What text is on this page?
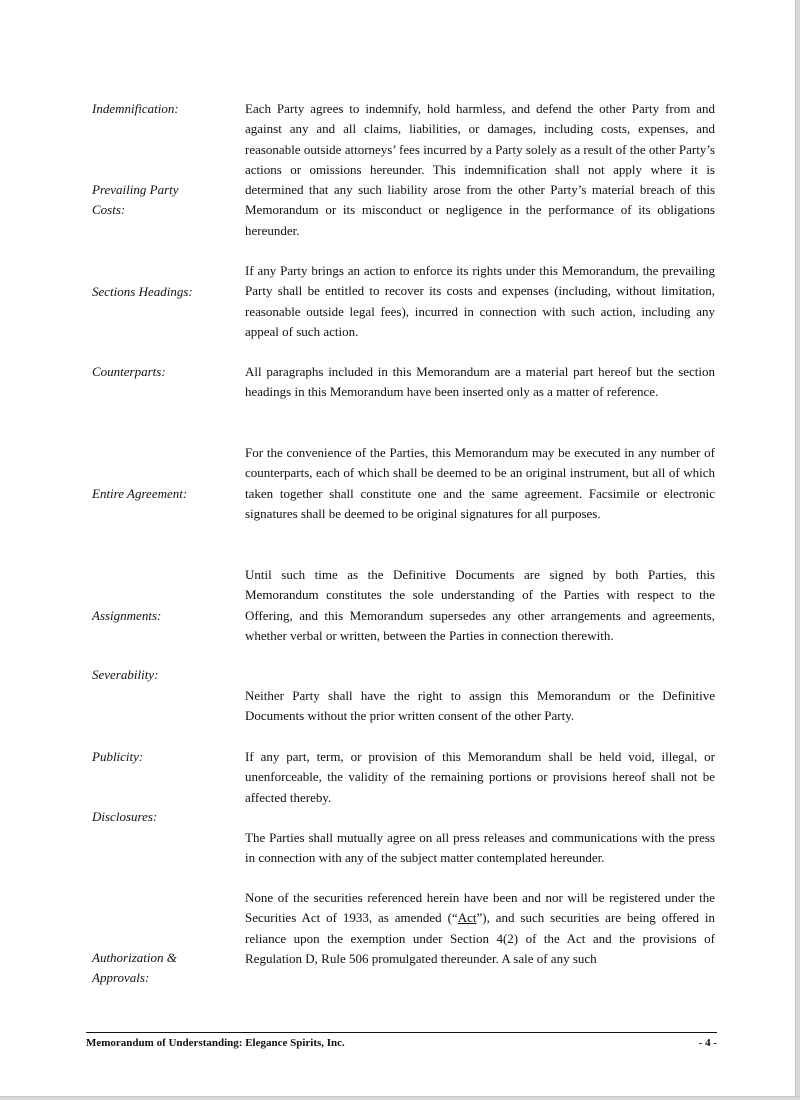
Indemnification:
Prevailing Party Costs:
Sections Headings:
Counterparts:
Entire Agreement:
Assignments:
Severability:
Publicity:
Disclosures:
Authorization & Approvals:

Each Party agrees to indemnify, hold harmless, and defend the other Party from and against any and all claims, liabilities, or damages, including costs, expenses, and reasonable outside attorneys’ fees incurred by a Party solely as a result of the other Party’s actions or omissions hereunder. This indemnification shall not apply where it is determined that any such liability arose from the other Party’s material breach of this Memorandum or its misconduct or negligence in the performance of its obligations hereunder.

If any Party brings an action to enforce its rights under this Memorandum, the prevailing Party shall be entitled to recover its costs and expenses (including, without limitation, reasonable outside legal fees), incurred in connection with such action, including any appeal of such action.

All paragraphs included in this Memorandum are a material part hereof but the section headings in this Memorandum have been inserted only as a matter of reference.

For the convenience of the Parties, this Memorandum may be executed in any number of counterparts, each of which shall be deemed to be an original instrument, but all of which taken together shall constitute one and the same agreement. Facsimile or electronic signatures shall be deemed to be original signatures for all purposes.

Until such time as the Definitive Documents are signed by both Parties, this Memorandum constitutes the sole understanding of the Parties with respect to the Offering, and this Memorandum supersedes any other arrangements and agreements, whether verbal or written, between the Parties in connection therewith.

Neither Party shall have the right to assign this Memorandum or the Definitive Documents without the prior written consent of the other Party.

If any part, term, or provision of this Memorandum shall be held void, illegal, or unenforceable, the validity of the remaining portions or provisions hereof shall not be affected thereby.

The Parties shall mutually agree on all press releases and communications with the press in connection with any of the subject matter contemplated hereunder.

None of the securities referenced herein have been and nor will be registered under the Securities Act of 1933, as amended (“Act”), and such securities are being offered in reliance upon the exemption under Section 4(2) of the Act and the provisions of Regulation D, Rule 506 promulgated thereunder. A sale of any such

Memorandum of Understanding: Elegance Spirits, Inc.	- 4 -
